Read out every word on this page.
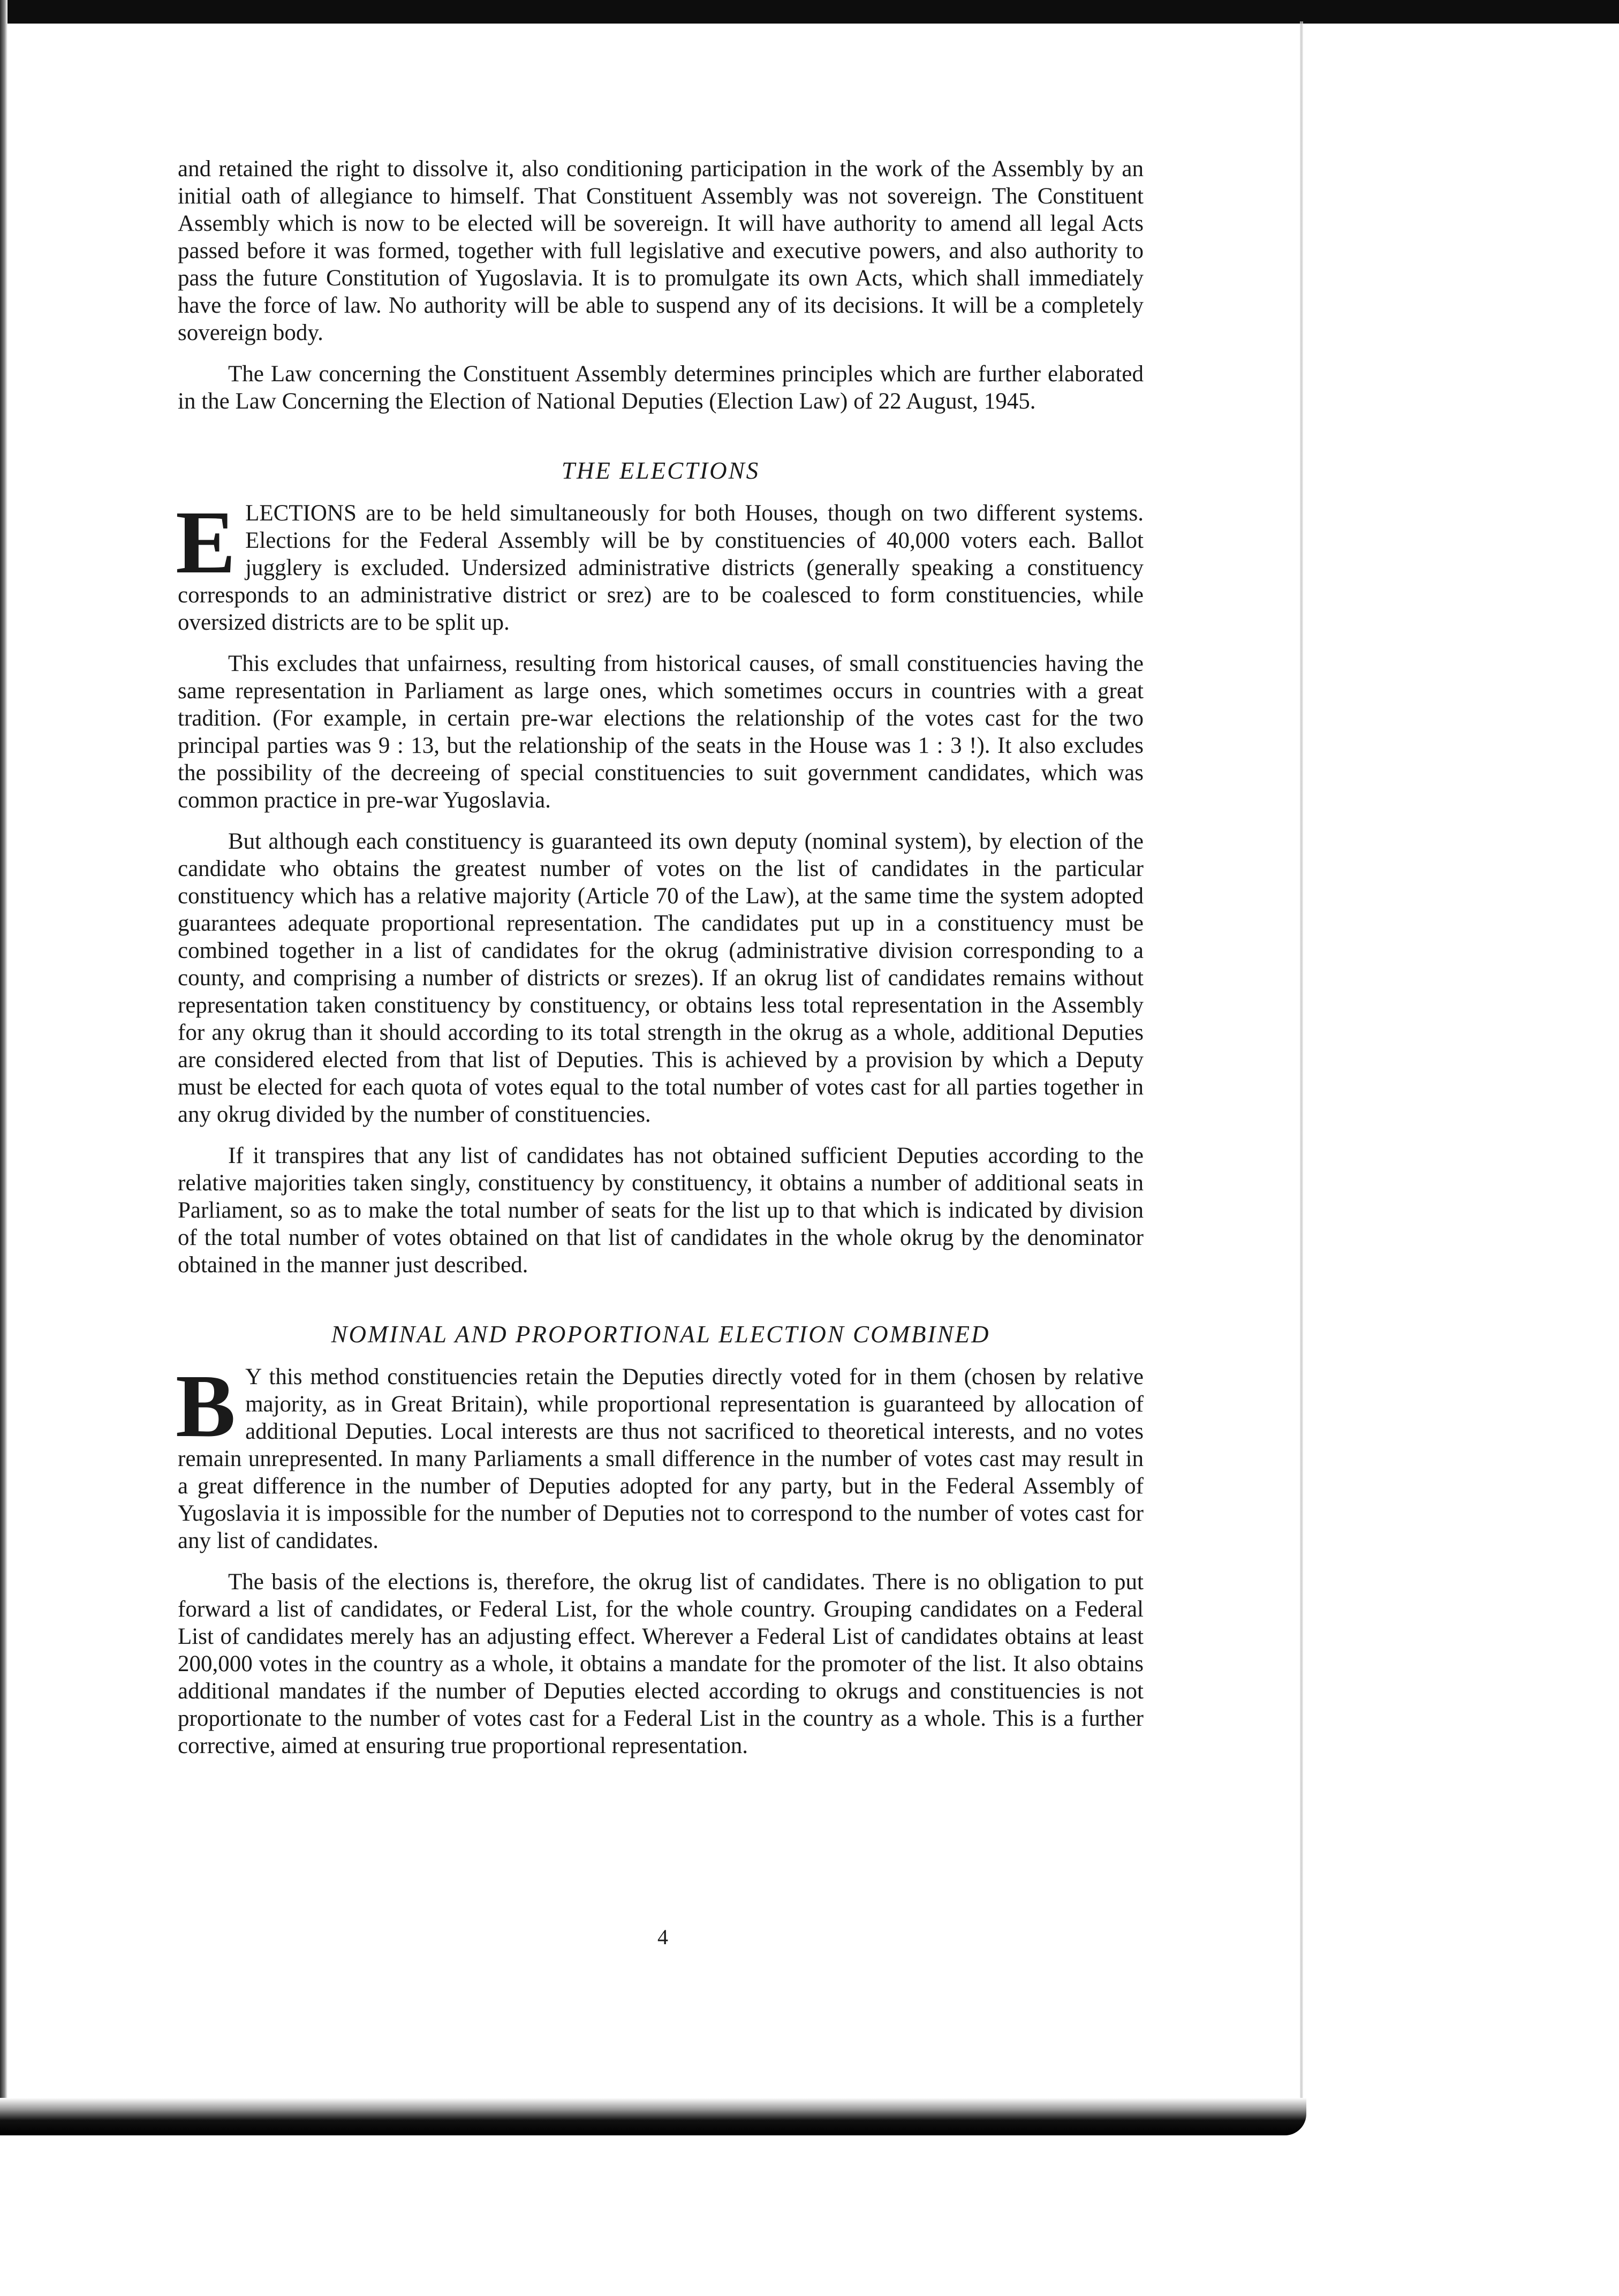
and retained the right to dissolve it, also conditioning participation in the work of the Assembly by an initial oath of allegiance to himself. That Constituent Assembly was not sovereign. The Constituent Assembly which is now to be elected will be sovereign. It will have authority to amend all legal Acts passed before it was formed, together with full legislative and executive powers, and also authority to pass the future Constitution of Yugoslavia. It is to promulgate its own Acts, which shall immediately have the force of law. No authority will be able to suspend any of its decisions. It will be a completely sovereign body.

The Law concerning the Constituent Assembly determines principles which are further elaborated in the Law Concerning the Election of National Deputies (Election Law) of 22 August, 1945.

THE ELECTIONS

ELECTIONS are to be held simultaneously for both Houses, though on two different systems. Elections for the Federal Assembly will be by constituencies of 40,000 voters each. Ballot jugglery is excluded. Undersized administrative districts (generally speaking a constituency corresponds to an administrative district or srez) are to be coalesced to form constituencies, while oversized districts are to be split up.

This excludes that unfairness, resulting from historical causes, of small constituencies having the same representation in Parliament as large ones, which sometimes occurs in countries with a great tradition. (For example, in certain pre-war elections the relationship of the votes cast for the two principal parties was 9 : 13, but the relationship of the seats in the House was 1 : 3 !). It also excludes the possibility of the decreeing of special constituencies to suit government candidates, which was common practice in pre-war Yugoslavia.

But although each constituency is guaranteed its own deputy (nominal system), by election of the candidate who obtains the greatest number of votes on the list of candidates in the particular constituency which has a relative majority (Article 70 of the Law), at the same time the system adopted guarantees adequate proportional representation. The candidates put up in a constituency must be combined together in a list of candidates for the okrug (administrative division corresponding to a county, and comprising a number of districts or srezes). If an okrug list of candidates remains without representation taken constituency by constituency, or obtains less total representation in the Assembly for any okrug than it should according to its total strength in the okrug as a whole, additional Deputies are considered elected from that list of Deputies. This is achieved by a provision by which a Deputy must be elected for each quota of votes equal to the total number of votes cast for all parties together in any okrug divided by the number of constituencies.

If it transpires that any list of candidates has not obtained sufficient Deputies according to the relative majorities taken singly, constituency by constituency, it obtains a number of additional seats in Parliament, so as to make the total number of seats for the list up to that which is indicated by division of the total number of votes obtained on that list of candidates in the whole okrug by the denominator obtained in the manner just described.

NOMINAL AND PROPORTIONAL ELECTION COMBINED

B Y this method constituencies retain the Deputies directly voted for in them (chosen by relative majority, as in Great Britain), while proportional representation is guaranteed by allocation of additional Deputies. Local interests are thus not sacrificed to theoretical interests, and no votes remain unrepresented. In many Parliaments a small difference in the number of votes cast may result in a great difference in the number of Deputies adopted for any party, but in the Federal Assembly of Yugoslavia it is impossible for the number of Deputies not to correspond to the number of votes cast for any list of candidates.

The basis of the elections is, therefore, the okrug list of candidates. There is no obligation to put forward a list of candidates, or Federal List, for the whole country. Grouping candidates on a Federal List of candidates merely has an adjusting effect. Wherever a Federal List of candidates obtains at least 200,000 votes in the country as a whole, it obtains a mandate for the promoter of the list. It also obtains additional mandates if the number of Deputies elected according to okrugs and constituencies is not proportionate to the number of votes cast for a Federal List in the country as a whole. This is a further corrective, aimed at ensuring true proportional representation.

4
